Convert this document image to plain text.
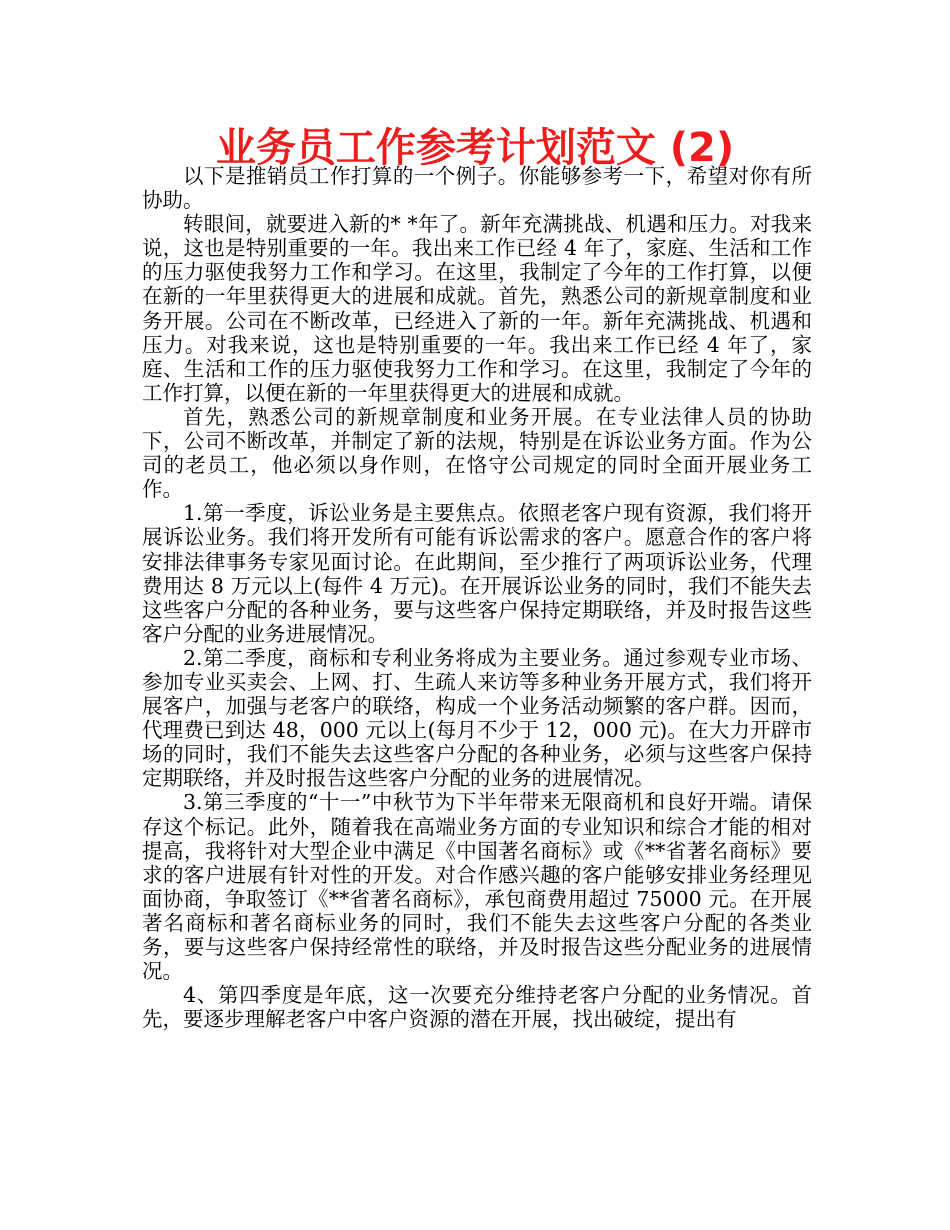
业务员工作参考计划范文 (2)

以下是推销员工作打算的一个例子。你能够参考一下，希望对你有所协助。

转眼间，就要进入新的* *年了。新年充满挑战、机遇和压力。对我来说，这也是特别重要的一年。我出来工作已经 4 年了，家庭、生活和工作的压力驱使我努力工作和学习。在这里，我制定了今年的工作打算，以便在新的一年里获得更大的进展和成就。首先，熟悉公司的新规章制度和业务开展。公司在不断改革，已经进入了新的一年。新年充满挑战、机遇和压力。对我来说，这也是特别重要的一年。我出来工作已经 4 年了，家庭、生活和工作的压力驱使我努力工作和学习。在这里，我制定了今年的工作打算，以便在新的一年里获得更大的进展和成就。

首先，熟悉公司的新规章制度和业务开展。在专业法律人员的协助下，公司不断改革，并制定了新的法规，特别是在诉讼业务方面。作为公司的老员工，他必须以身作则，在恪守公司规定的同时全面开展业务工作。

1.第一季度，诉讼业务是主要焦点。依照老客户现有资源，我们将开展诉讼业务。我们将开发所有可能有诉讼需求的客户。愿意合作的客户将安排法律事务专家见面讨论。在此期间，至少推行了两项诉讼业务，代理费用达 8 万元以上(每件 4 万元)。在开展诉讼业务的同时，我们不能失去这些客户分配的各种业务，要与这些客户保持定期联络，并及时报告这些客户分配的业务进展情况。

2.第二季度，商标和专利业务将成为主要业务。通过参观专业市场、参加专业买卖会、上网、打、生疏人来访等多种业务开展方式，我们将开展客户，加强与老客户的联络，构成一个业务活动频繁的客户群。因而，代理费已到达 48，000 元以上(每月不少于 12，000 元)。在大力开辟市场的同时，我们不能失去这些客户分配的各种业务，必须与这些客户保持定期联络，并及时报告这些客户分配的业务的进展情况。

3.第三季度的“十一”中秋节为下半年带来无限商机和良好开端。请保存这个标记。此外，随着我在高端业务方面的专业知识和综合才能的相对提高，我将针对大型企业中满足《中国著名商标》或《**省著名商标》要求的客户进展有针对性的开发。对合作感兴趣的客户能够安排业务经理见面协商，争取签订《**省著名商标》，承包商费用超过 75000 元。在开展著名商标和著名商标业务的同时，我们不能失去这些客户分配的各类业务，要与这些客户保持经常性的联络，并及时报告这些分配业务的进展情况。

4、第四季度是年底，这一次要充分维持老客户分配的业务情况。首先，要逐步理解老客户中客户资源的潜在开展，找出破绽，提出有
